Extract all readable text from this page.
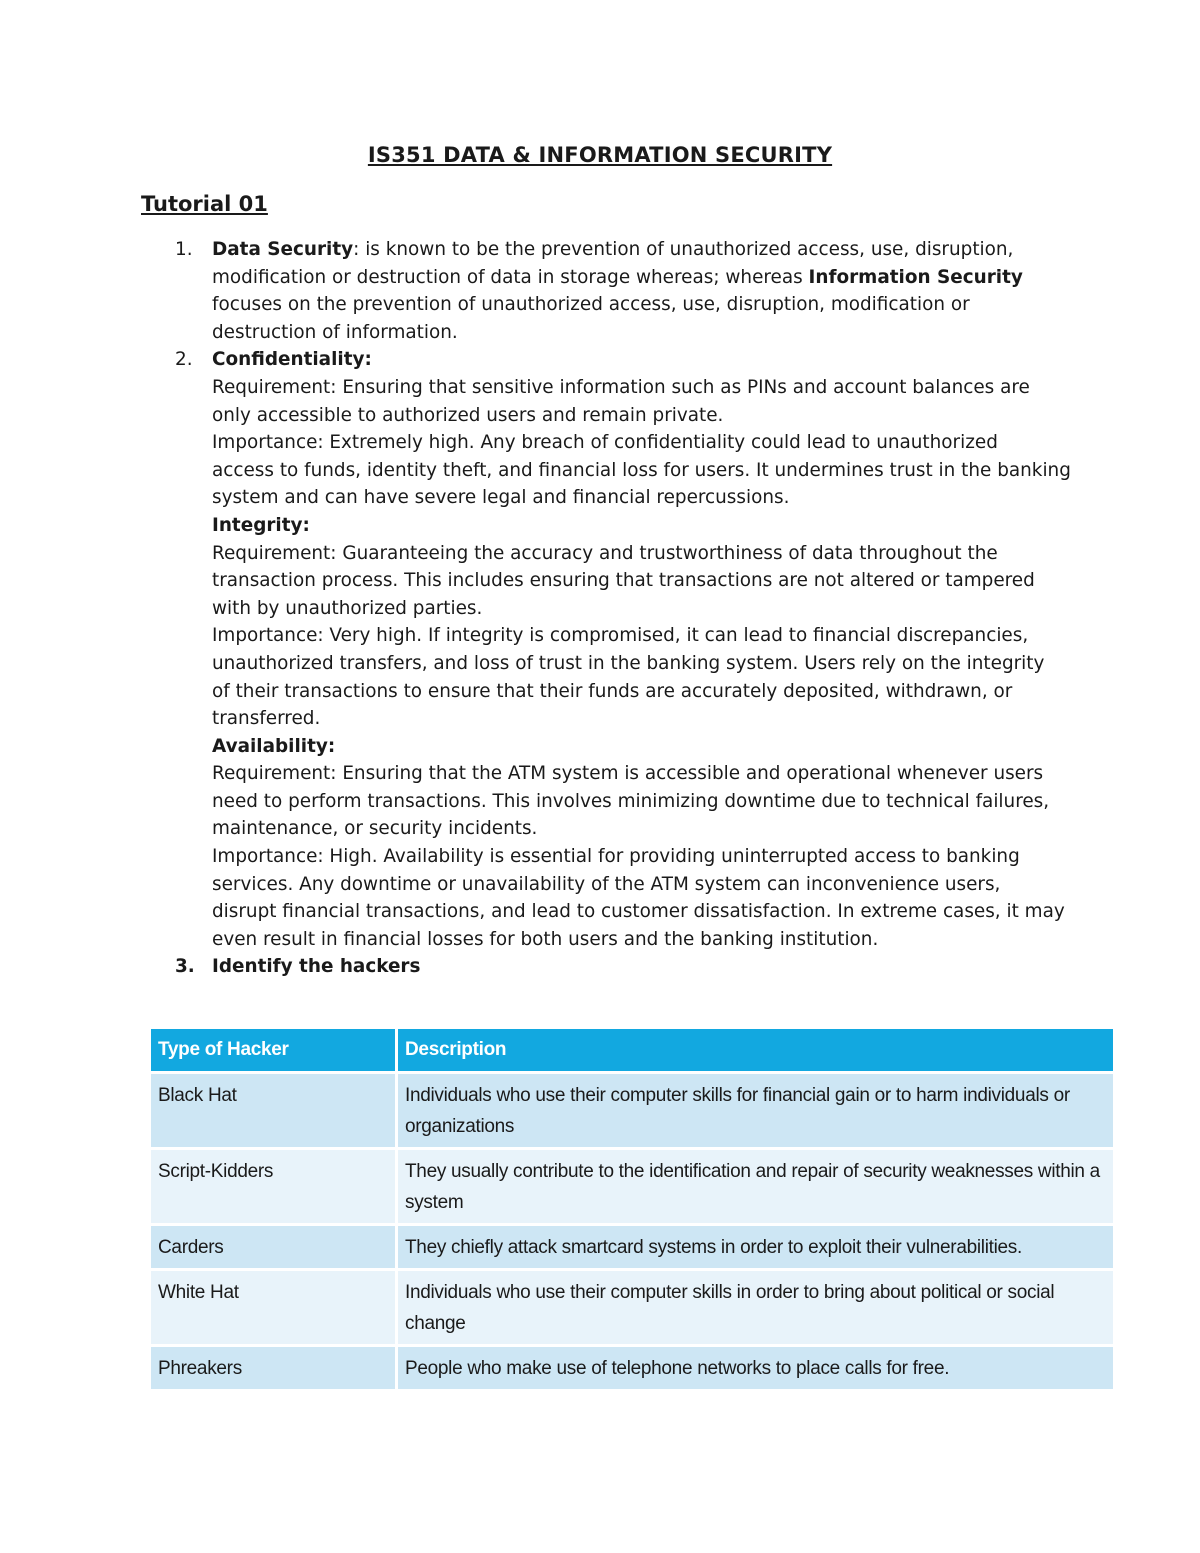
IS351 DATA & INFORMATION SECURITY
Tutorial 01
1. Data Security: is known to be the prevention of unauthorized access, use, disruption,
modification or destruction of data in storage whereas; whereas Information Security
focuses on the prevention of unauthorized access, use, disruption, modification or
destruction of information.
2. Confidentiality:
Requirement: Ensuring that sensitive information such as PINs and account balances are
only accessible to authorized users and remain private.
Importance: Extremely high. Any breach of confidentiality could lead to unauthorized
access to funds, identity theft, and financial loss for users. It undermines trust in the banking
system and can have severe legal and financial repercussions.
Integrity:
Requirement: Guaranteeing the accuracy and trustworthiness of data throughout the
transaction process. This includes ensuring that transactions are not altered or tampered
with by unauthorized parties.
Importance: Very high. If integrity is compromised, it can lead to financial discrepancies,
unauthorized transfers, and loss of trust in the banking system. Users rely on the integrity
of their transactions to ensure that their funds are accurately deposited, withdrawn, or
transferred.
Availability:
Requirement: Ensuring that the ATM system is accessible and operational whenever users
need to perform transactions. This involves minimizing downtime due to technical failures,
maintenance, or security incidents.
Importance: High. Availability is essential for providing uninterrupted access to banking
services. Any downtime or unavailability of the ATM system can inconvenience users,
disrupt financial transactions, and lead to customer dissatisfaction. In extreme cases, it may
even result in financial losses for both users and the banking institution.
3. Identify the hackers
Type of Hacker	Description
Black Hat	Individuals who use their computer skills for financial gain or to harm individuals or organizations
Script-Kidders	They usually contribute to the identification and repair of security weaknesses within a system
Carders	They chiefly attack smartcard systems in order to exploit their vulnerabilities.
White Hat	Individuals who use their computer skills in order to bring about political or social change
Phreakers	People who make use of telephone networks to place calls for free.
